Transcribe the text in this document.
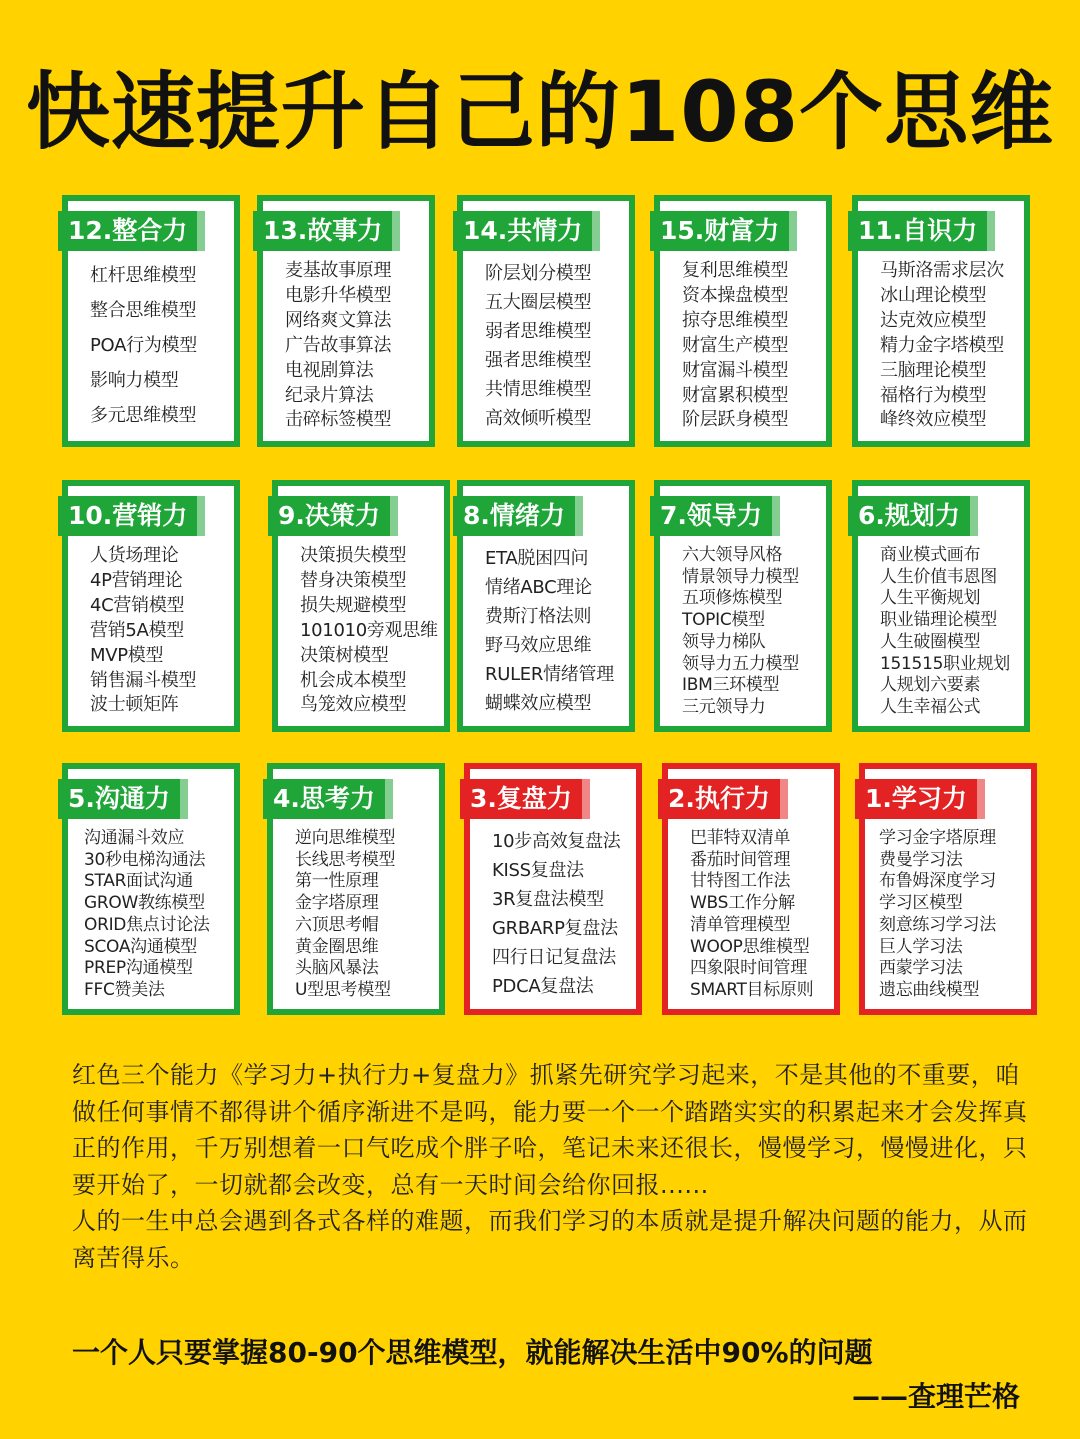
快速提升自己的108个思维
12.整合力
杠杆思维模型
整合思维模型
POA行为模型
影响力模型
多元思维模型
13.故事力
麦基故事原理
电影升华模型
网络爽文算法
广告故事算法
电视剧算法
纪录片算法
击碎标签模型
14.共情力
阶层划分模型
五大圈层模型
弱者思维模型
强者思维模型
共情思维模型
高效倾听模型
15.财富力
复利思维模型
资本操盘模型
掠夺思维模型
财富生产模型
财富漏斗模型
财富累积模型
阶层跃身模型
11.自识力
马斯洛需求层次
冰山理论模型
达克效应模型
精力金字塔模型
三脑理论模型
福格行为模型
峰终效应模型
10.营销力
人货场理论
4P营销理论
4C营销模型
营销5A模型
MVP模型
销售漏斗模型
波士顿矩阵
9.决策力
决策损失模型
替身决策模型
损失规避模型
101010旁观思维
决策树模型
机会成本模型
鸟笼效应模型
8.情绪力
ETA脱困四问
情绪ABC理论
费斯汀格法则
野马效应思维
RULER情绪管理
蝴蝶效应模型
7.领导力
六大领导风格
情景领导力模型
五项修炼模型
TOPIC模型
领导力梯队
领导力五力模型
IBM三环模型
三元领导力
6.规划力
商业模式画布
人生价值韦恩图
人生平衡规划
职业锚理论模型
人生破圈模型
151515职业规划
人规划六要素
人生幸福公式
5.沟通力
沟通漏斗效应
30秒电梯沟通法
STAR面试沟通
GROW教练模型
ORID焦点讨论法
SCOA沟通模型
PREP沟通模型
FFC赞美法
4.思考力
逆向思维模型
长线思考模型
第一性原理
金字塔原理
六顶思考帽
黄金圈思维
头脑风暴法
U型思考模型
3.复盘力
10步高效复盘法
KISS复盘法
3R复盘法模型
GRBARP复盘法
四行日记复盘法
PDCA复盘法
2.执行力
巴菲特双清单
番茄时间管理
甘特图工作法
WBS工作分解
清单管理模型
WOOP思维模型
四象限时间管理
SMART目标原则
1.学习力
学习金字塔原理
费曼学习法
布鲁姆深度学习
学习区模型
刻意练习学习法
巨人学习法
西蒙学习法
遗忘曲线模型

红色三个能力《学习力+执行力+复盘力》抓紧先研究学习起来，不是其他的不重要，咱做任何事情不都得讲个循序渐进不是吗，能力要一个一个踏踏实实的积累起来才会发挥真正的作用，千万别想着一口气吃成个胖子哈，笔记未来还很长，慢慢学习，慢慢进化，只要开始了，一切就都会改变，总有一天时间会给你回报......

人的一生中总会遇到各式各样的难题，而我们学习的本质就是提升解决问题的能力，从而离苦得乐。

一个人只要掌握80-90个思维模型，就能解决生活中90%的问题
——查理芒格
